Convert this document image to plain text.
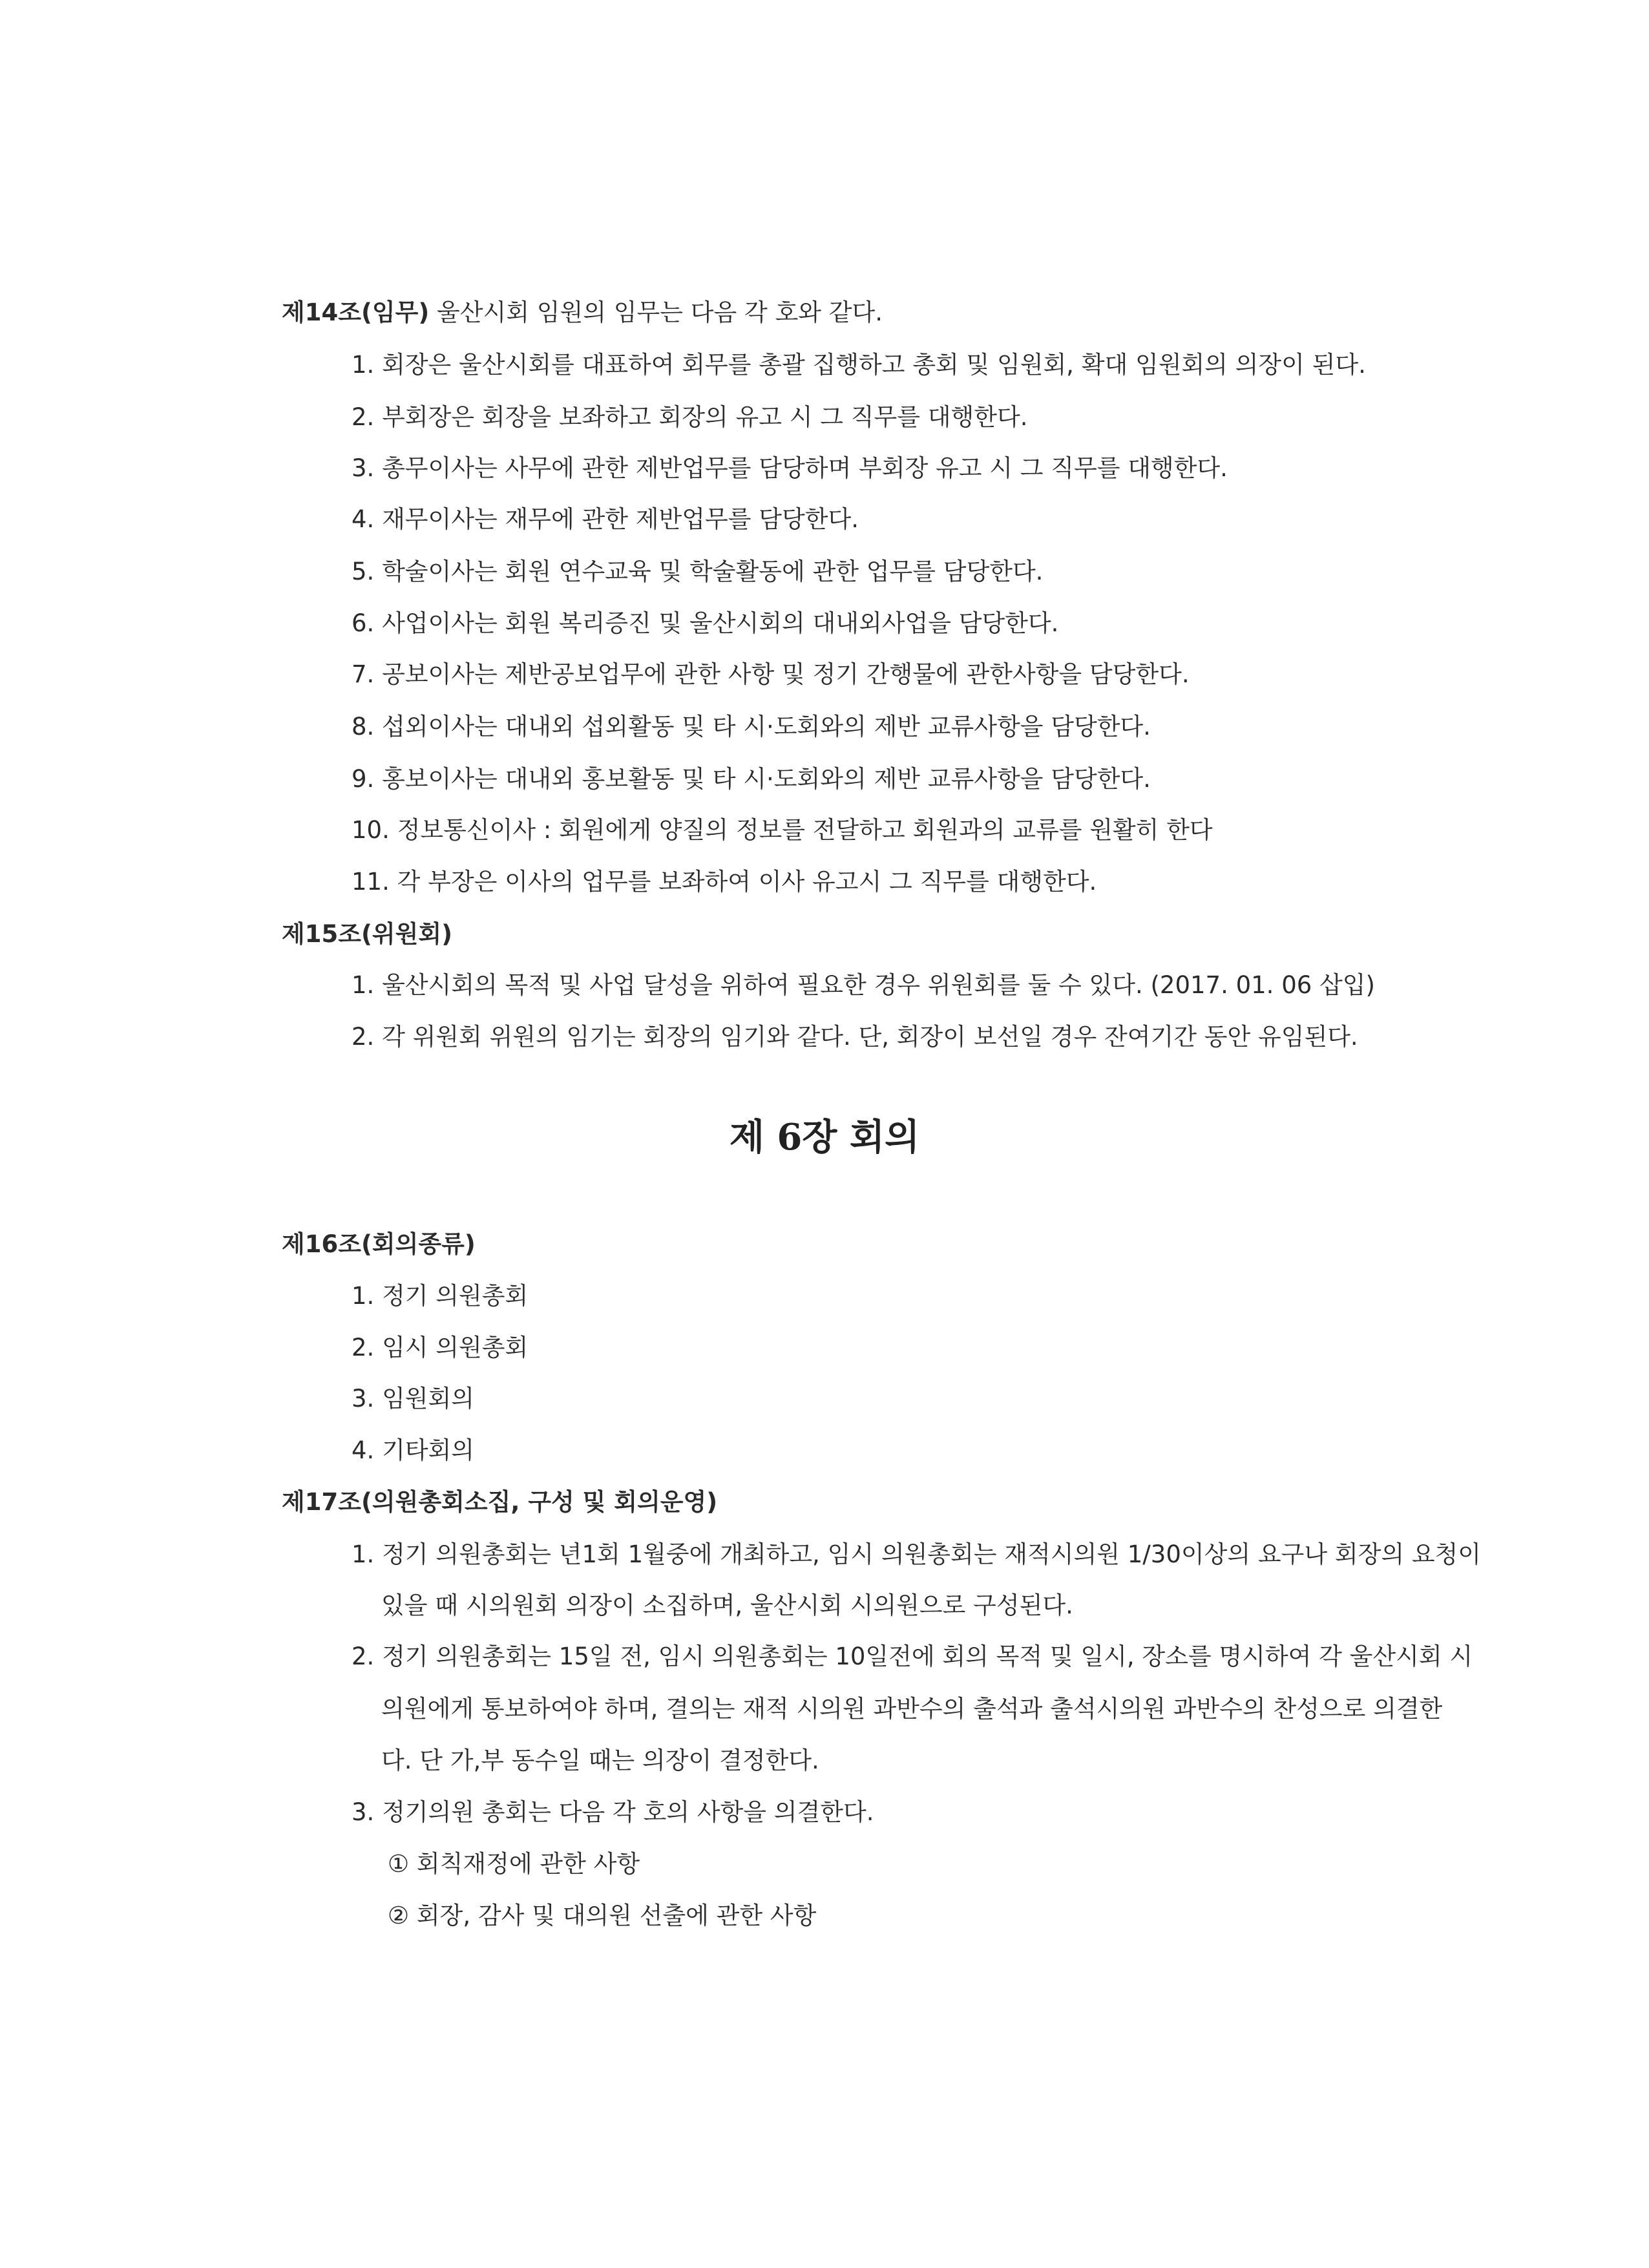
제14조(임무) 울산시회 임원의 임무는 다음 각 호와 같다.
1. 회장은 울산시회를 대표하여 회무를 총괄 집행하고 총회 및 임원회, 확대 임원회의 의장이 된다.
2. 부회장은 회장을 보좌하고 회장의 유고 시 그 직무를 대행한다.
3. 총무이사는 사무에 관한 제반업무를 담당하며 부회장 유고 시 그 직무를 대행한다.
4. 재무이사는 재무에 관한 제반업무를 담당한다.
5. 학술이사는 회원 연수교육 및 학술활동에 관한 업무를 담당한다.
6. 사업이사는 회원 복리증진 및 울산시회의 대내외사업을 담당한다.
7. 공보이사는 제반공보업무에 관한 사항 및 정기 간행물에 관한사항을 담당한다.
8. 섭외이사는 대내외 섭외활동 및 타 시·도회와의 제반 교류사항을 담당한다.
9. 홍보이사는 대내외 홍보활동 및 타 시·도회와의 제반 교류사항을 담당한다.
10. 정보통신이사 : 회원에게 양질의 정보를 전달하고 회원과의 교류를 원활히 한다
11. 각 부장은 이사의 업무를 보좌하여 이사 유고시 그 직무를 대행한다.
제15조(위원회)
1. 울산시회의 목적 및 사업 달성을 위하여 필요한 경우 위원회를 둘 수 있다. (2017. 01. 06 삽입)
2. 각 위원회 위원의 임기는 회장의 임기와 같다. 단, 회장이 보선일 경우 잔여기간 동안 유임된다.
제 6장 회의
제16조(회의종류)
1. 정기 의원총회
2. 임시 의원총회
3. 임원회의
4. 기타회의
제17조(의원총회소집, 구성 및 회의운영)
1. 정기 의원총회는 년1회 1월중에 개최하고, 임시 의원총회는 재적시의원 1/30이상의 요구나 회장의 요청이
있을 때 시의원회 의장이 소집하며, 울산시회 시의원으로 구성된다.
2. 정기 의원총회는 15일 전, 임시 의원총회는 10일전에 회의 목적 및 일시, 장소를 명시하여 각 울산시회 시
의원에게 통보하여야 하며, 결의는 재적 시의원 과반수의 출석과 출석시의원 과반수의 찬성으로 의결한
다. 단 가,부 동수일 때는 의장이 결정한다.
3. 정기의원 총회는 다음 각 호의 사항을 의결한다.
① 회칙재정에 관한 사항
② 회장, 감사 및 대의원 선출에 관한 사항
